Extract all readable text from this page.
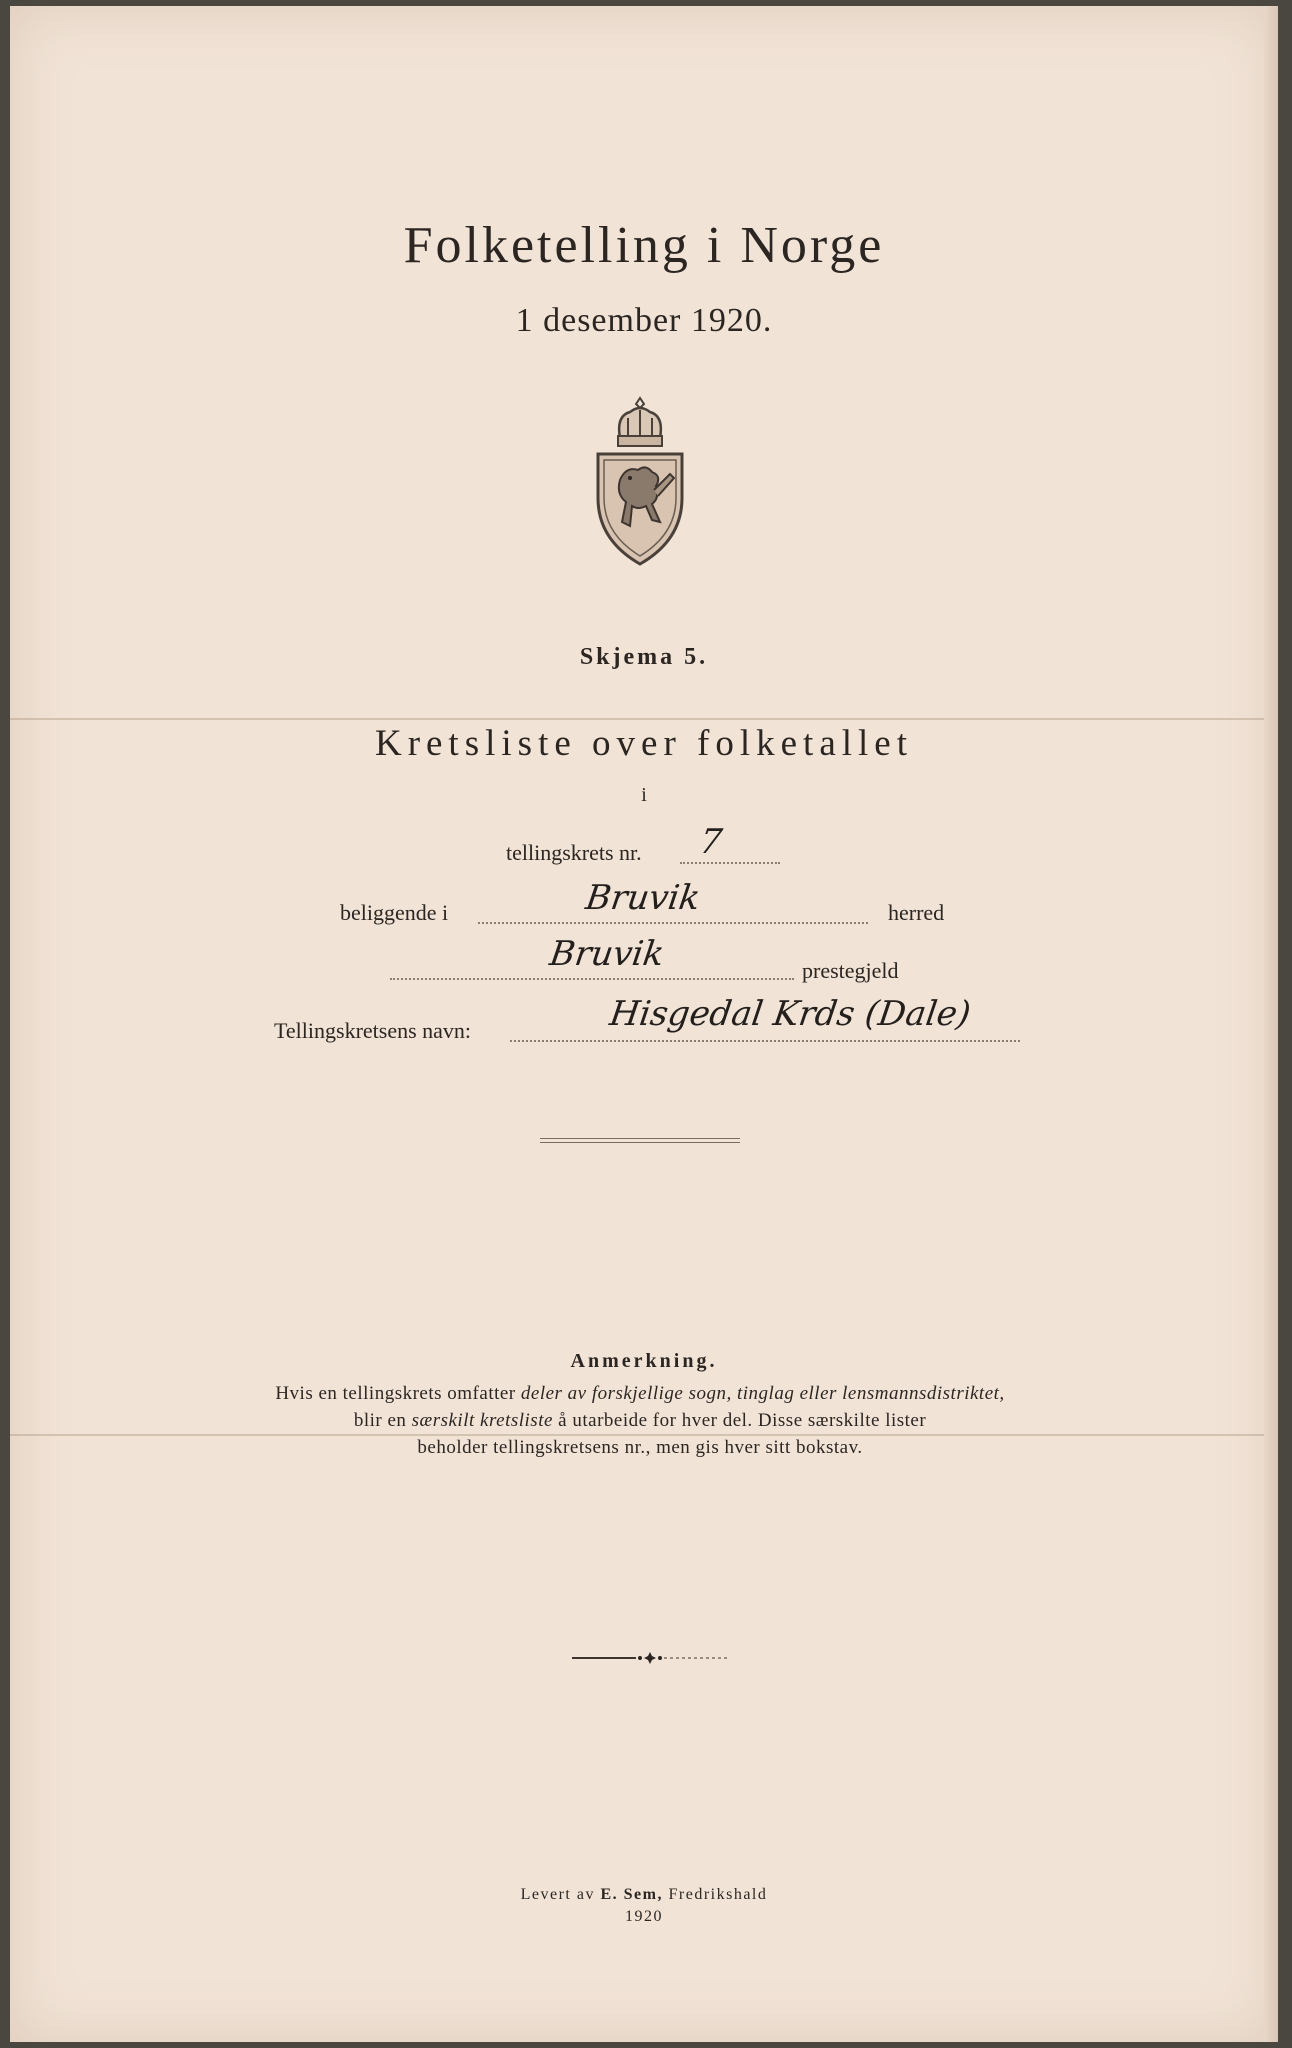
Folketelling i Norge
1 desember 1920.
Skjema 5.
Kretsliste over folketallet
i
tellingskrets nr. 7
beliggende i	Bruvik	herred
Bruvik	prestegjeld
Tellingskretsens navn:	Hisgedal Krds (Dale)
Anmerkning.
Hvis en tellingskrets omfatter deler av forskjellige sogn, tinglag eller lensmannsdistriktet,
blir en særskilt kretsliste å utarbeide for hver del. Disse særskilte lister
beholder tellingskretsens nr., men gis hver sitt bokstav.
Levert av E. Sem, Fredrikshald
1920
